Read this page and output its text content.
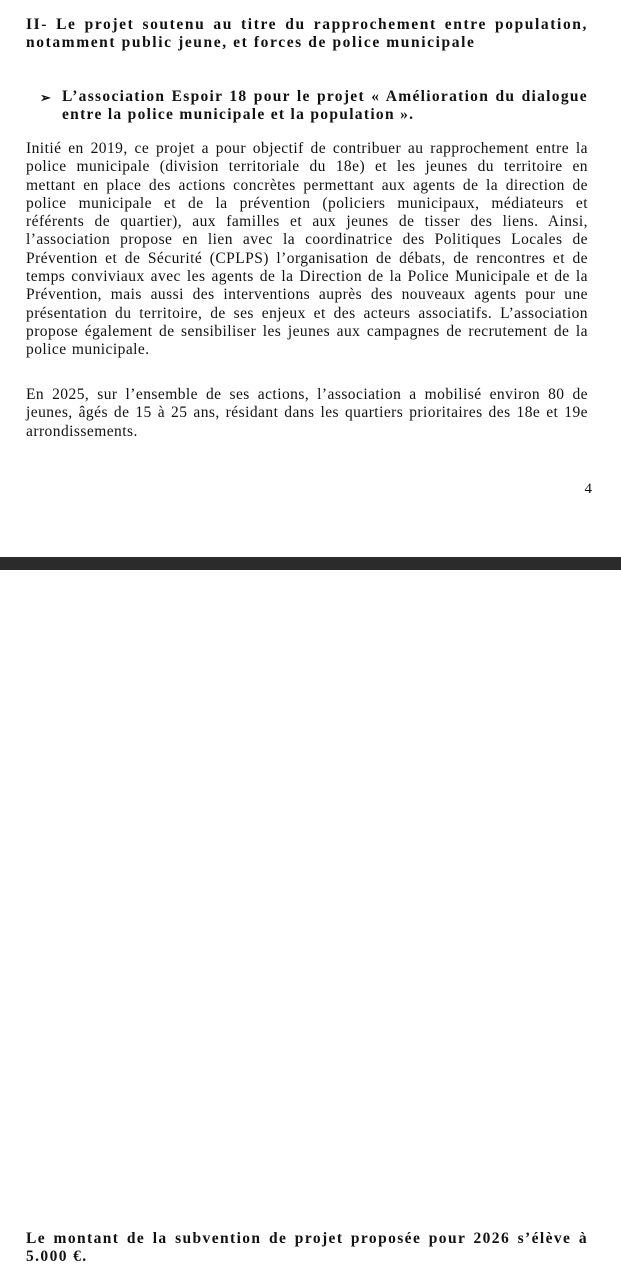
II- Le projet soutenu au titre du rapprochement entre population, notamment public jeune, et forces de police municipale

➢ L’association Espoir 18 pour le projet « Amélioration du dialogue entre la police municipale et la population ».

Initié en 2019, ce projet a pour objectif de contribuer au rapprochement entre la police municipale (division territoriale du 18e) et les jeunes du territoire en mettant en place des actions concrètes permettant aux agents de la direction de police municipale et de la prévention (policiers municipaux, médiateurs et référents de quartier), aux familles et aux jeunes de tisser des liens. Ainsi, l’association propose en lien avec la coordinatrice des Politiques Locales de Prévention et de Sécurité (CPLPS) l’organisation de débats, de rencontres et de temps conviviaux avec les agents de la Direction de la Police Municipale et de la Prévention, mais aussi des interventions auprès des nouveaux agents pour une présentation du territoire, de ses enjeux et des acteurs associatifs. L’association propose également de sensibiliser les jeunes aux campagnes de recrutement de la police municipale.

En 2025, sur l’ensemble de ses actions, l’association a mobilisé environ 80 de jeunes, âgés de 15 à 25 ans, résidant dans les quartiers prioritaires des 18e et 19e arrondissements.

4

Le montant de la subvention de projet proposée pour 2026 s’élève à 5.000 €.
